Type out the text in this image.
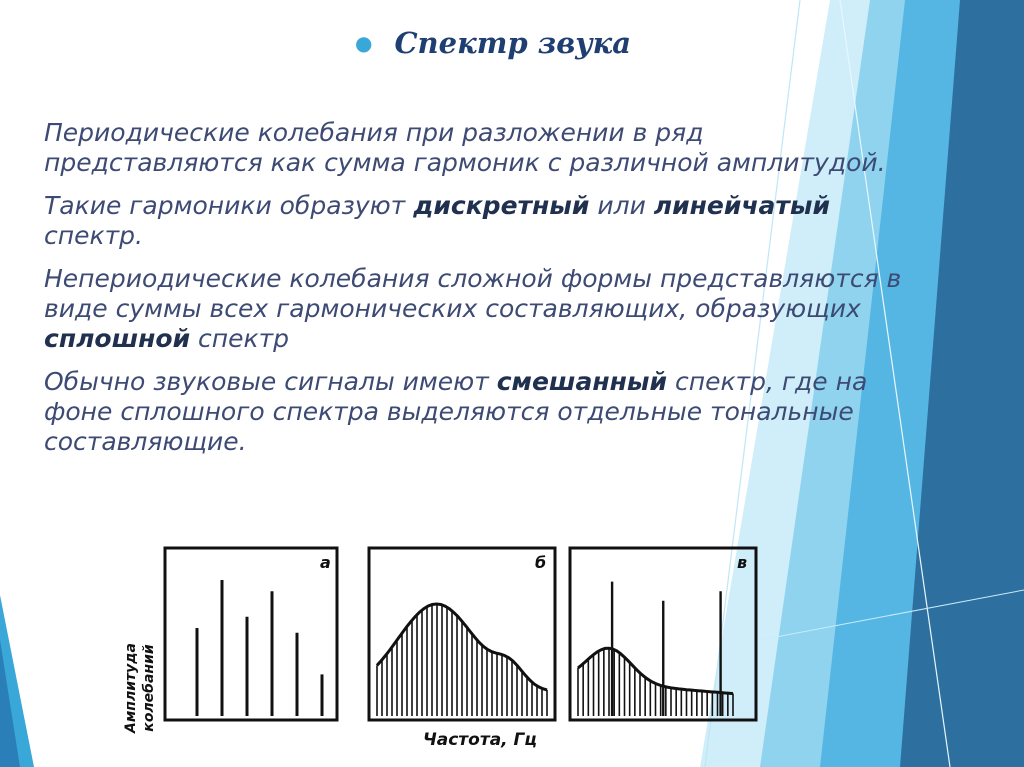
● Спектр звука

Периодические колебания при разложении в ряд представляются как сумма гармоник с различной амплитудой.

Такие гармоники образуют дискретный или линейчатый спектр.

Непериодические колебания сложной формы представляются в виде суммы всех гармонических составляющих, образующих сплошной спектр

Обычно звуковые сигналы имеют смешанный спектр, где на фоне сплошного спектра выделяются отдельные тональные составляющие.

Амплитуда колебаний
а	б	в
Частота, Гц
